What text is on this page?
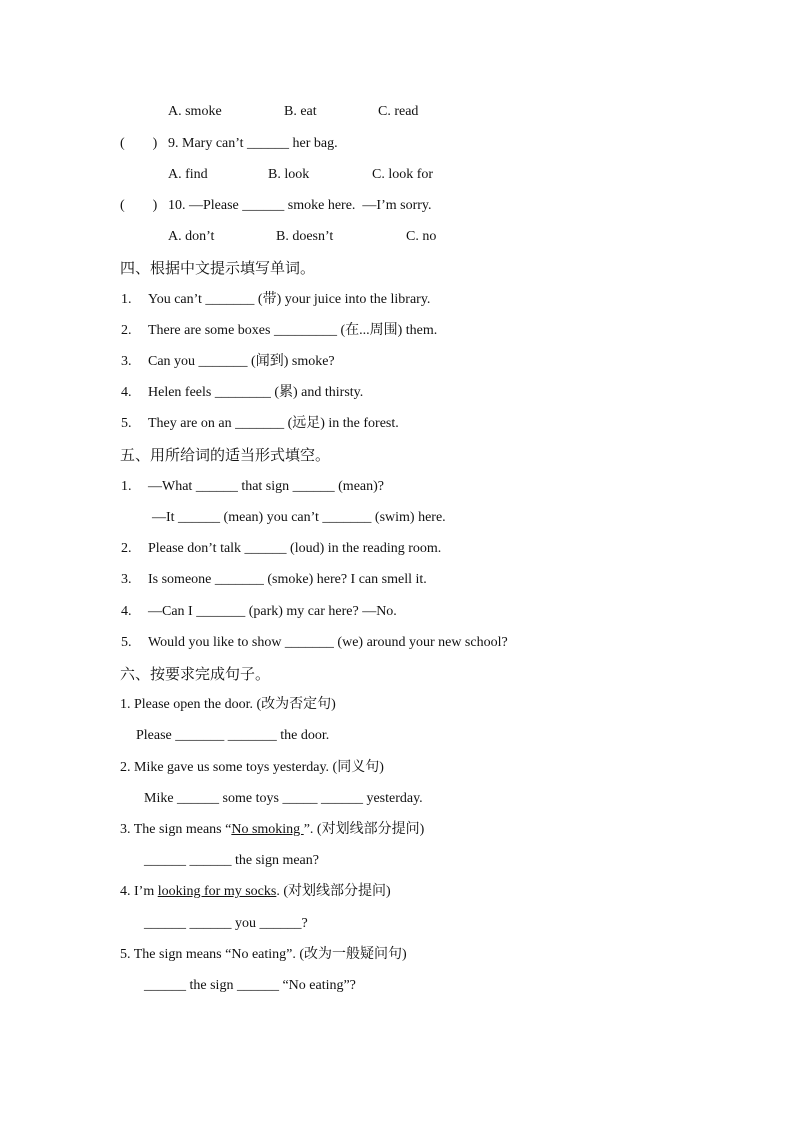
A. smoke	B. eat	C. read
(        ) 9. Mary can’t ______ her bag.
A. find	B. look	C. look for
(        ) 10. —Please ______ smoke here.  —I’m sorry.
A. don’t	B. doesn’t	C. no
四、根据中文提示填写单词。
1. You can’t _______ (带) your juice into the library.
2. There are some boxes _________ (在...周围) them.
3. Can you _______ (闻到) smoke?
4. Helen feels ________ (累) and thirsty.
5. They are on an _______ (远足) in the forest.
五、用所给词的适当形式填空。
1. —What ______ that sign ______ (mean)?
—It ______ (mean) you can’t _______ (swim) here.
2. Please don’t talk ______ (loud) in the reading room.
3. Is someone _______ (smoke) here? I can smell it.
4. —Can I _______ (park) my car here? —No.
5. Would you like to show _______ (we) around your new school?
六、按要求完成句子。
1. Please open the door. (改为否定句)
Please _______ _______ the door.
2. Mike gave us some toys yesterday. (同义句)
Mike ______ some toys _____ ______ yesterday.
3. The sign means “No smoking ”. (对划线部分提问)
______ ______ the sign mean?
4. I’m looking for my socks. (对划线部分提问)
______ ______ you ______?
5. The sign means “No eating”. (改为一般疑问句)
______ the sign ______ “No eating”?
